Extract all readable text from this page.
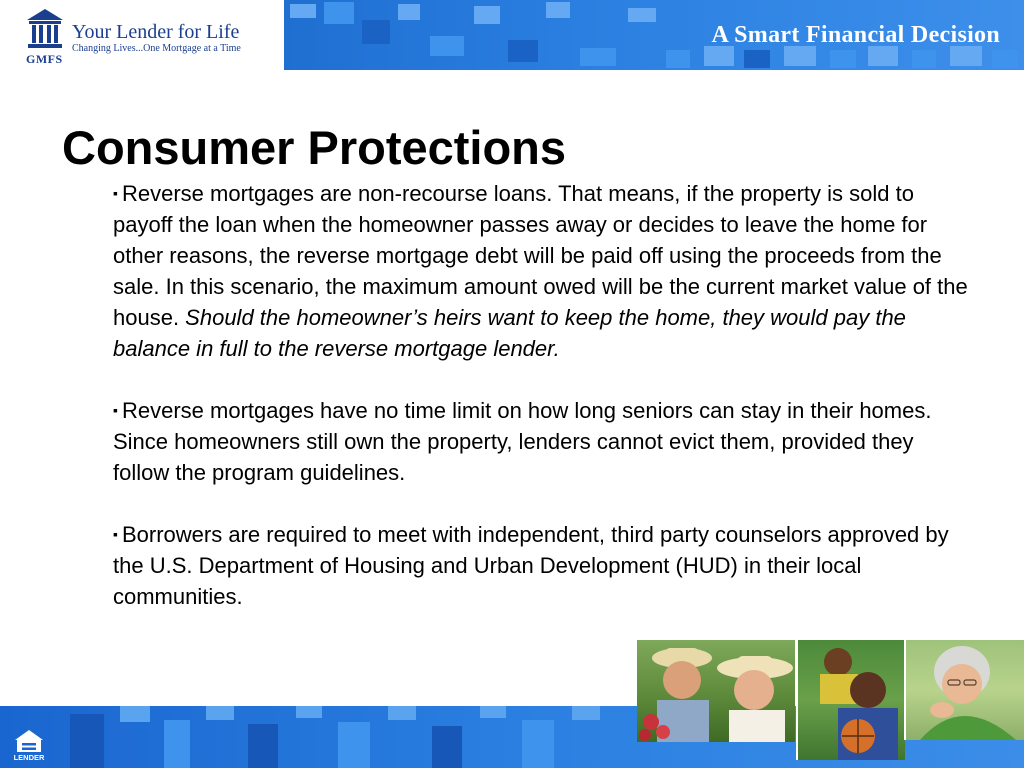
Your Lender for Life
Changing Lives...One Mortgage at a Time
GMFS
A Smart Financial Decision
Consumer Protections

▪ Reverse mortgages are non-recourse loans. That means, if the property is sold to payoff the loan when the homeowner passes away or decides to leave the home for other reasons, the reverse mortgage debt will be paid off using the proceeds from the sale. In this scenario, the maximum amount owed will be the current market value of the house. Should the homeowner’s heirs want to keep the home, they would pay the balance in full to the reverse mortgage lender.

▪ Reverse mortgages have no time limit on how long seniors can stay in their homes. Since homeowners still own the property, lenders cannot evict them, provided they follow the program guidelines.

▪ Borrowers are required to meet with independent, third party counselors approved by the U.S. Department of Housing and Urban Development (HUD) in their local communities.

LENDER
